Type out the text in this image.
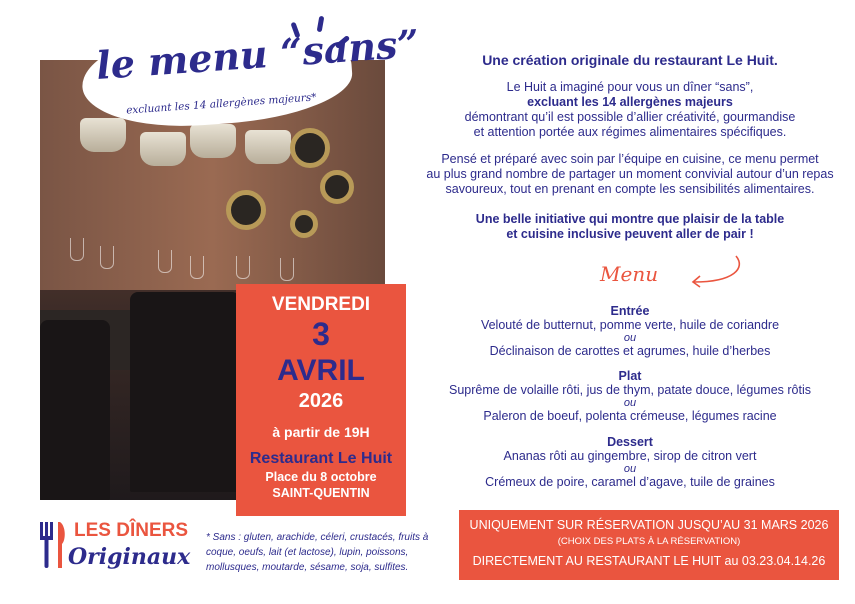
le menu “sans”
excluant les 14 allergènes majeurs*
VENDREDI
3
AVRIL
2026
à partir de 19H
Restaurant Le Huit
Place du 8 octobre
SAINT-QUENTIN
Une création originale du restaurant Le Huit.
Le Huit a imaginé pour vous un dîner “sans”,
excluant les 14 allergènes majeurs
démontrant qu’il est possible d’allier créativité, gourmandise
et attention portée aux régimes alimentaires spécifiques.
Pensé et préparé avec soin par l’équipe en cuisine, ce menu permet
au plus grand nombre de partager un moment convivial autour d’un repas
savoureux, tout en prenant en compte les sensibilités alimentaires.
Une belle initiative qui montre que plaisir de la table
et cuisine inclusive peuvent aller de pair !
Menu
Entrée
Velouté de butternut, pomme verte, huile de coriandre
ou
Déclinaison de carottes et agrumes, huile d’herbes
Plat
Suprême de volaille rôti, jus de thym, patate douce, légumes rôtis
ou
Paleron de boeuf, polenta crémeuse, légumes racine
Dessert
Ananas rôti au gingembre, sirop de citron vert
ou
Crémeux de poire, caramel d’agave, tuile de graines
UNIQUEMENT SUR RÉSERVATION JUSQU’AU 31 MARS 2026
(CHOIX DES PLATS À LA RÉSERVATION)
DIRECTEMENT AU RESTAURANT LE HUIT au 03.23.04.14.26
LES DÎNERS
Originaux
* Sans : gluten, arachide, céleri, crustacés, fruits à
coque, oeufs, lait (et lactose), lupin, poissons,
mollusques, moutarde, sésame, soja, sulfites.
